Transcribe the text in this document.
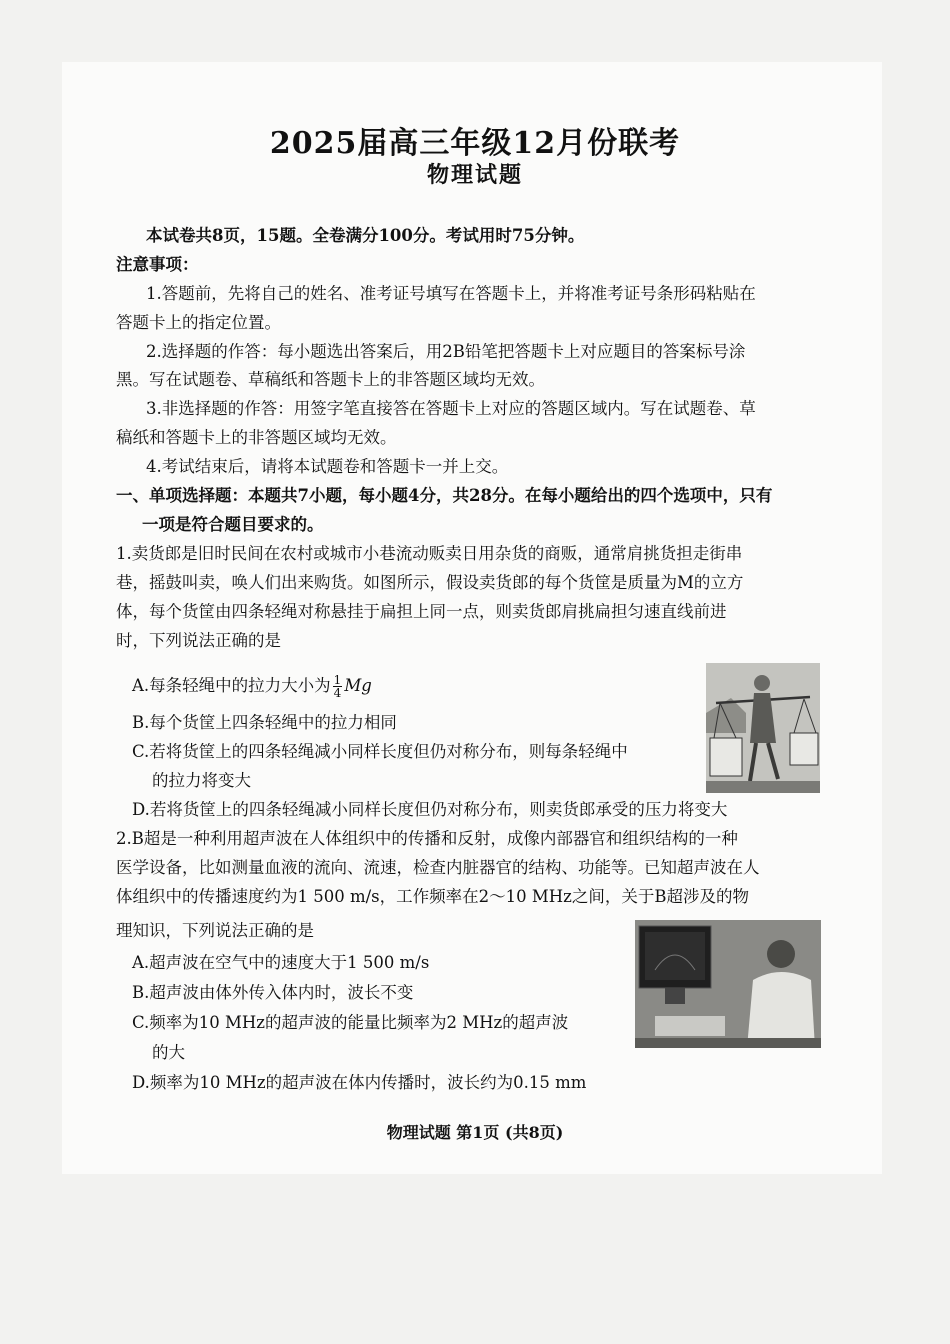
2025届高三年级12月份联考
物理试题
本试卷共8页，15题。全卷满分100分。考试用时75分钟。
注意事项：
1.答题前，先将自己的姓名、准考证号填写在答题卡上，并将准考证号条形码粘贴在
答题卡上的指定位置。
2.选择题的作答：每小题选出答案后，用2B铅笔把答题卡上对应题目的答案标号涂
黑。写在试题卷、草稿纸和答题卡上的非答题区域均无效。
3.非选择题的作答：用签字笔直接答在答题卡上对应的答题区域内。写在试题卷、草
稿纸和答题卡上的非答题区域均无效。
4.考试结束后，请将本试题卷和答题卡一并上交。
一、单项选择题：本题共7小题，每小题4分，共28分。在每小题给出的四个选项中，只有
一项是符合题目要求的。
1.卖货郎是旧时民间在农村或城市小巷流动贩卖日用杂货的商贩，通常肩挑货担走街串
巷，摇鼓叫卖，唤人们出来购货。如图所示，假设卖货郎的每个货筐是质量为M的立方
体，每个货筐由四条轻绳对称悬挂于扁担上同一点，则卖货郎肩挑扁担匀速直线前进
时，下列说法正确的是
A.每条轻绳中的拉力大小为 $\frac{1}{4}$ Mg
B.每个货筐上四条轻绳中的拉力相同
C.若将货筐上的四条轻绳减小同样长度但仍对称分布，则每条轻绳中
的拉力将变大
D.若将货筐上的四条轻绳减小同样长度但仍对称分布，则卖货郎承受的压力将变大
2.B超是一种利用超声波在人体组织中的传播和反射，成像内部器官和组织结构的一种
医学设备，比如测量血液的流向、流速，检查内脏器官的结构、功能等。已知超声波在人
体组织中的传播速度约为1 500 m/s，工作频率在2～10 MHz之间，关于B超涉及的物
理知识，下列说法正确的是
A.超声波在空气中的速度大于1 500 m/s
B.超声波由体外传入体内时，波长不变
C.频率为10 MHz的超声波的能量比频率为2 MHz的超声波
的大
D.频率为10 MHz的超声波在体内传播时，波长约为0.15 mm
物理试题 第1页 (共8页)
